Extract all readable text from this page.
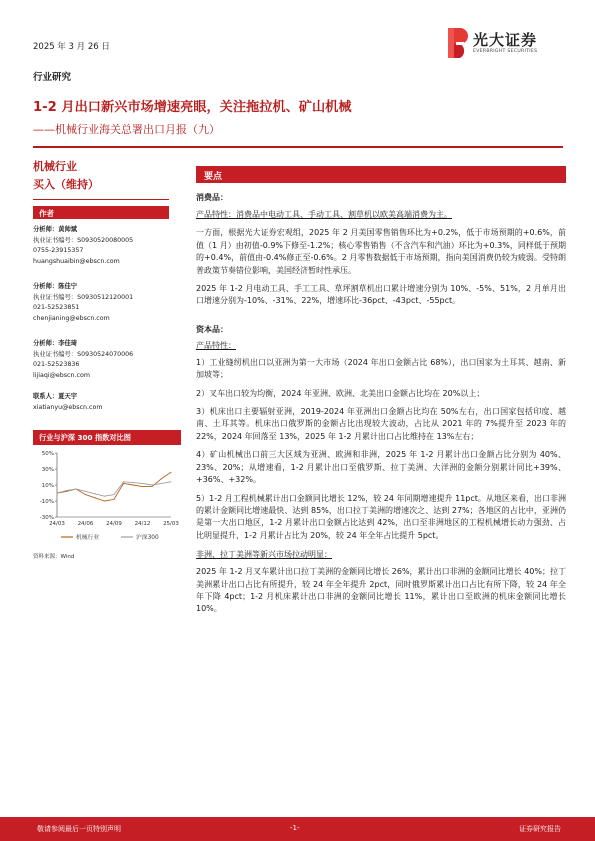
2025 年 3 月 26 日	光大证券
EVERBRIGHT SECURITIES
行业研究
1-2 月出口新兴市场增速亮眼，关注拖拉机、矿山机械
——机械行业海关总署出口月报（九）
机械行业
买入（维持）
作者
分析师：黄帅斌
执业证书编号：S0930520080005
0755-23915357
huangshuaibin@ebscn.com
分析师：陈佳宁
执业证书编号：S0930512120001
021-52523851
chenjianing@ebscn.com
分析师：李佳琦
执业证书编号：S0930524070006
021-52523836
lijiaqi@ebscn.com
联系人：夏天宇
xiatianyu@ebscn.com
行业与沪深 300 指数对比图
50%
30%
10%
-10%
-30%
24/03 24/06 24/09 24/12 25/03
机械行业	沪深300
资料来源：Wind
要点
消费品：
产品特性：消费品中电动工具、手动工具、割草机以欧美高端消费为主。
一方面，根据光大证券宏观组，2025 年 2 月美国零售销售环比为+0.2%，低于市场预期的+0.6%，前值（1 月）由初值-0.9%下修至-1.2%；核心零售销售（不含汽车和汽油）环比为+0.3%，同样低于预期的+0.4%，前值由-0.4%修正至-0.6%。2 月零售数据低于市场预期，指向美国消费仍较为疲弱。受特朗普政策节奏错位影响，美国经济暂时性承压。
2025 年 1-2 月电动工具、手工工具、草坪割草机出口累计增速分别为 10%、-5%、51%，2 月单月出口增速分别为-10%、-31%、22%，增速环比-36pct、-43pct、-55pct。
资本品：
产品特性：
1）工业缝纫机出口以亚洲为第一大市场（2024 年出口金额占比 68%），出口国家为土耳其、越南、新加坡等；
2）叉车出口较为均衡，2024 年亚洲、欧洲、北美出口金额占比均在 20%以上；
3）机床出口主要辐射亚洲，2019-2024 年亚洲出口金额占比均在 50%左右，出口国家包括印度、越南、土耳其等。机床出口俄罗斯的金额占比出现较大波动，占比从 2021 年的 7%提升至 2023 年的 22%，2024 年回落至 13%，2025 年 1-2 月累计出口占比维持在 13%左右；
4）矿山机械出口前三大区域为亚洲、欧洲和非洲，2025 年 1-2 月累计出口金额占比分别为 40%、23%、20%；从增速看，1-2 月累计出口至俄罗斯、拉丁美洲、大洋洲的金额分别累计同比+39%、+36%、+32%。
5）1-2 月工程机械累计出口金额同比增长 12%，较 24 年同期增速提升 11pct。从地区来看，出口非洲的累计金额同比增速最快、达到 85%，出口拉丁美洲的增速次之、达到 27%；各地区的占比中，亚洲仍是第一大出口地区，1-2 月累计出口金额占比达到 42%，出口至非洲地区的工程机械增长动力强劲、占比明显提升，1-2 月累计占比为 20%，较 24 年全年占比提升 5pct。
非洲、拉丁美洲等新兴市场拉动明显：
2025 年 1-2 月叉车累计出口拉丁美洲的金额同比增长 26%，累计出口非洲的金额同比增长 40%；拉丁美洲累计出口占比有所提升，较 24 年全年提升 2pct，同时俄罗斯累计出口占比有所下降，较 24 年全年下降 4pct；1-2 月机床累计出口非洲的金额同比增长 11%，累计出口至欧洲的机床金额同比增长 10%。
敬请参阅最后一页特别声明	-1-	证券研究报告
